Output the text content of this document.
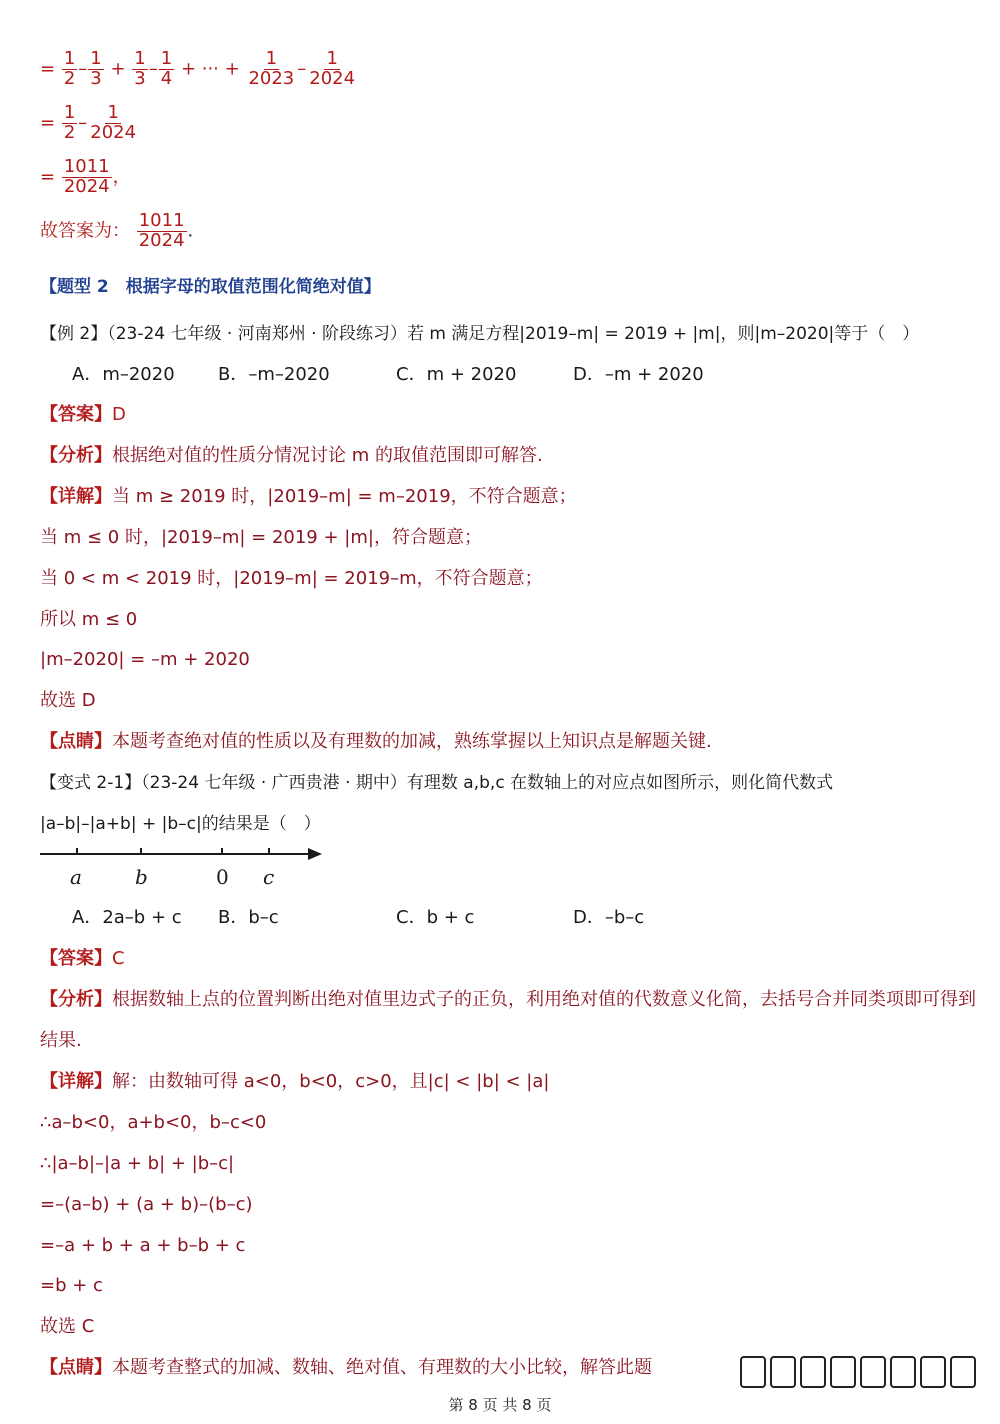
= $\frac{1}{2} - \frac{1}{3} + \frac{1}{3} - \frac{1}{4}$ + ··· + $\frac{1}{2023} - \frac{1}{2024}$
= $\frac{1}{2} - \frac{1}{2024}$
= $\frac{1011}{2024}$ ，
故答案为： $\frac{1011}{2024}$ .
【题型 2　根据字母的取值范围化简绝对值】
【例 2】（23-24 七年级 · 河南郑州 · 阶段练习）若 m 满足方程|2019–m| = 2019 + |m|，则|m–2020|等于（　）
A．m–2020 B．–m–2020	C．m + 2020	D．–m + 2020
【答案】D
【分析】根据绝对值的性质分情况讨论 m 的取值范围即可解答.
【详解】当 m ≥ 2019 时，|2019–m| = m–2019，不符合题意；
当 m ≤ 0 时，|2019–m| = 2019 + |m|，符合题意；
当 0 < m < 2019 时，|2019–m| = 2019–m，不符合题意；
所以 m ≤ 0
|m–2020| = –m + 2020
故选 D
【点睛】本题考查绝对值的性质以及有理数的加减，熟练掌握以上知识点是解题关键.
【变式 2-1】（23-24 七年级 · 广西贵港 · 期中）有理数 a,b,c 在数轴上的对应点如图所示，则化简代数式
|a–b|–|a+b| + |b–c|的结果是（　）
a	b	0 c
A．2a–b + c B．b–c	C．b + c	D．–b–c
【答案】C
【分析】根据数轴上点的位置判断出绝对值里边式子的正负，利用绝对值的代数意义化简，去括号合并同类项即可得到
结果.
【详解】解：由数轴可得 a<0，b<0，c>0，且|c| < |b| < |a|
∴a–b<0，a+b<0，b–c<0
∴|a–b|–|a + b| + |b–c|
=–(a–b) + (a + b)–(b–c)
=–a + b + a + b–b + c
=b + c
故选 C
【点睛】本题考查整式的加减、数轴、绝对值、有理数的大小比较，解答此题
第 8 页 共 8 页
